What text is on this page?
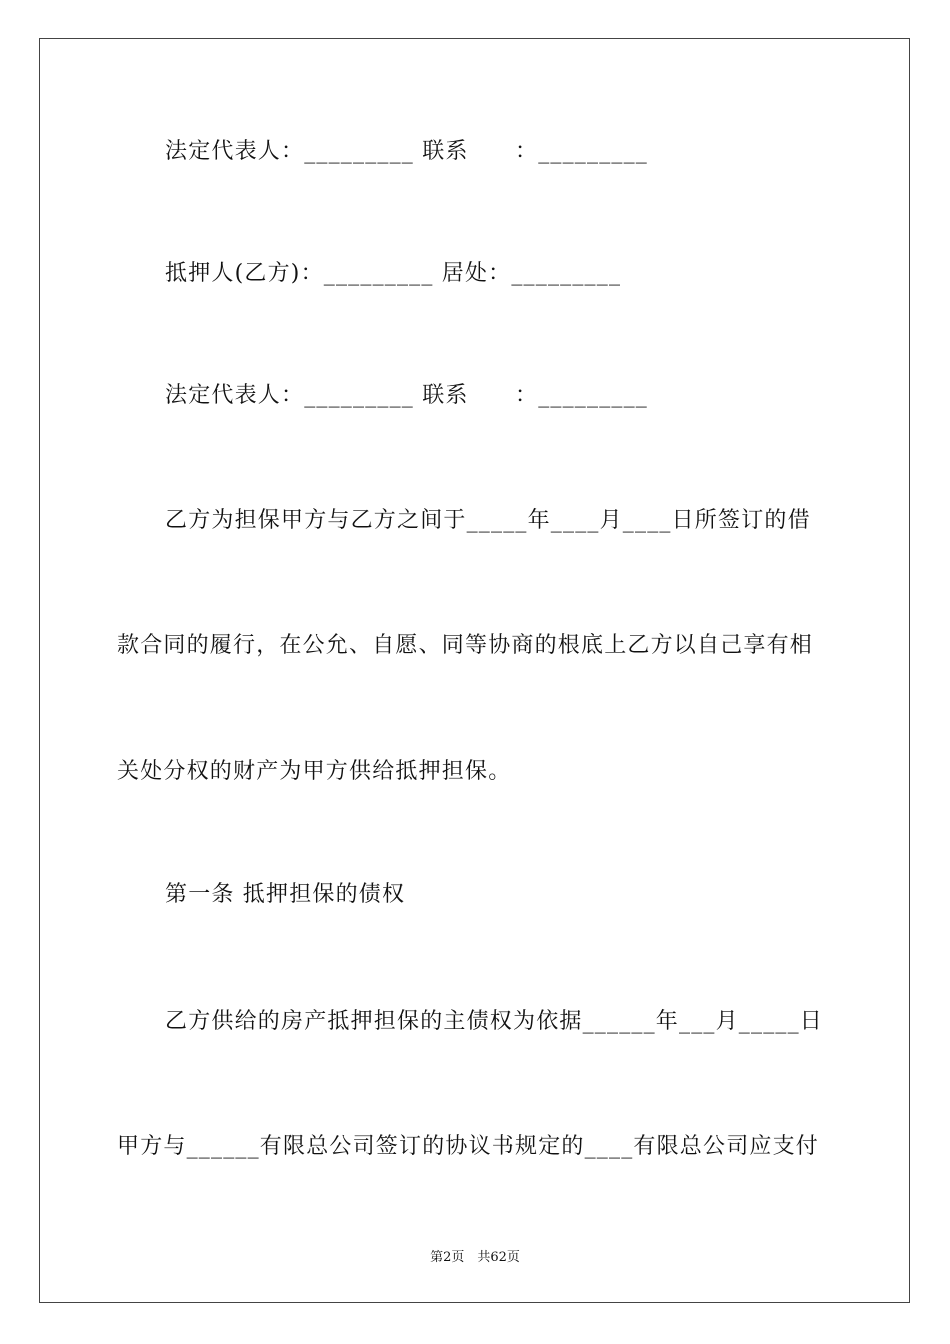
法定代表人：_________ 联系　　：_________
抵押人(乙方)：_________ 居处：_________
法定代表人：_________ 联系　　：_________
乙方为担保甲方与乙方之间于_____年____月____日所签订的借
款合同的履行，在公允、自愿、同等协商的根底上乙方以自己享有相
关处分权的财产为甲方供给抵押担保。
第一条 抵押担保的债权
乙方供给的房产抵押担保的主债权为依据______年___月_____日
甲方与______有限总公司签订的协议书规定的____有限总公司应支付
第2页　共62页
